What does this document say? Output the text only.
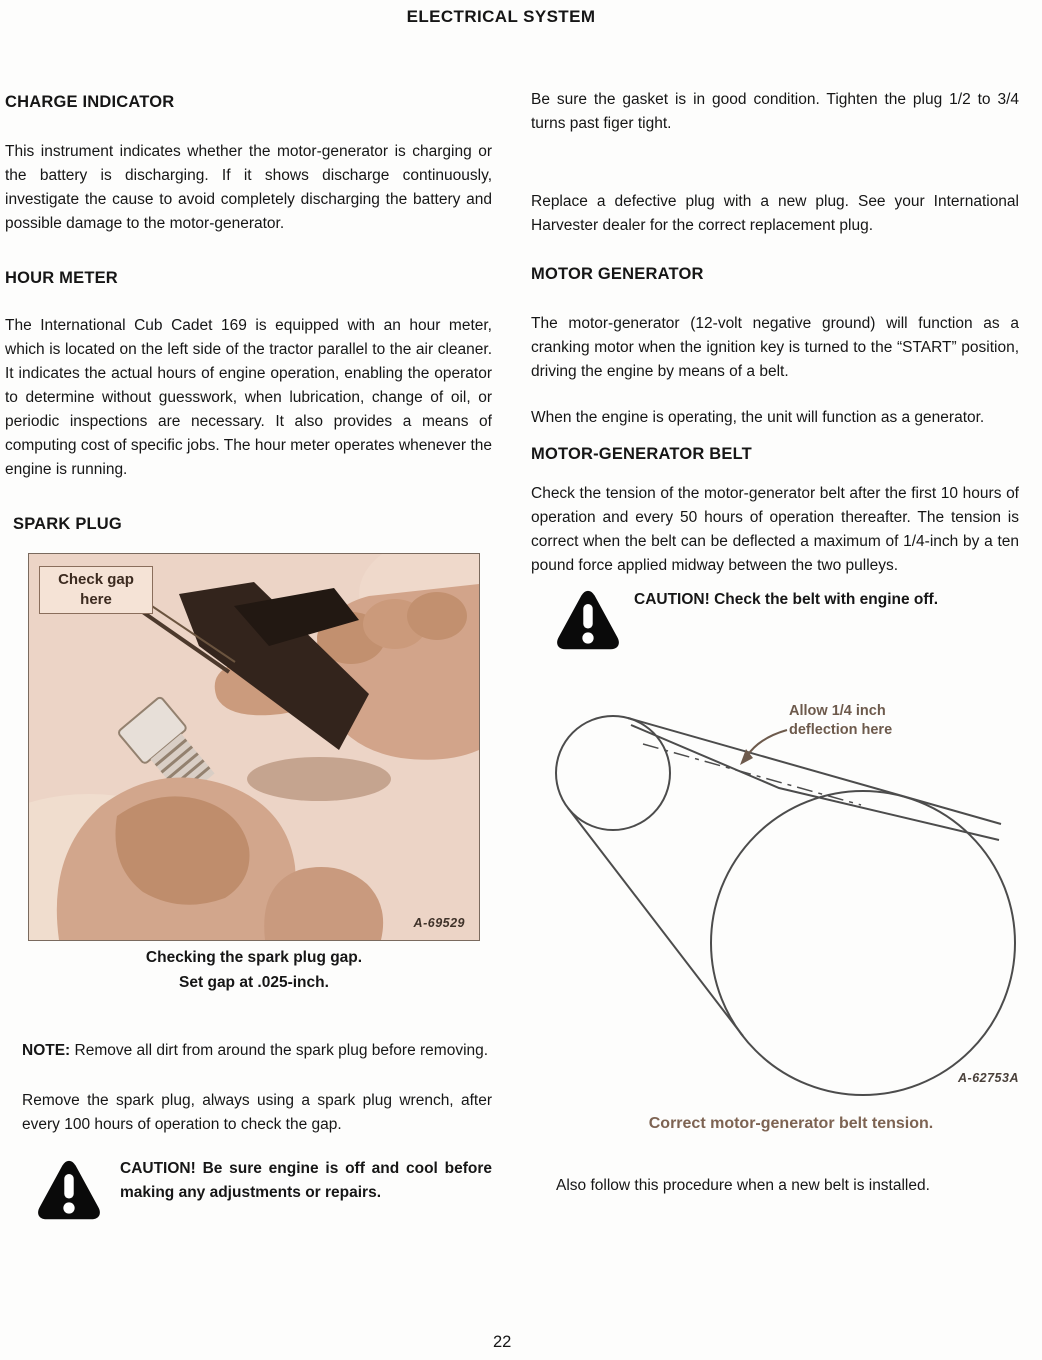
ELECTRICAL SYSTEM
CHARGE INDICATOR

This instrument indicates whether the motor-generator is charging or the battery is discharging. If it shows discharge continuously, investigate the cause to avoid completely discharging the battery and possible damage to the motor-generator.

HOUR METER

The International Cub Cadet 169 is equipped with an hour meter, which is located on the left side of the tractor parallel to the air cleaner. It indicates the actual hours of engine operation, enabling the operator to determine without guesswork, when lubrication, change of oil, or periodic inspections are necessary. It also provides a means of computing cost of specific jobs. The hour meter operates whenever the engine is running.

SPARK PLUG
Check gap here
A-69529
Checking the spark plug gap.
Set gap at .025-inch.

NOTE: Remove all dirt from around the spark plug before removing.

Remove the spark plug, always using a spark plug wrench, after every 100 hours of operation to check the gap.

CAUTION! Be sure engine is off and cool before making any adjustments or repairs.

Be sure the gasket is in good condition. Tighten the plug 1/2 to 3/4 turns past figer tight.

Replace a defective plug with a new plug. See your International Harvester dealer for the correct replacement plug.

MOTOR GENERATOR

The motor-generator (12-volt negative ground) will function as a cranking motor when the ignition key is turned to the “START” position, driving the engine by means of a belt.

When the engine is operating, the unit will function as a generator.

MOTOR-GENERATOR BELT

Check the tension of the motor-generator belt after the first 10 hours of operation and every 50 hours of operation thereafter. The tension is correct when the belt can be deflected a maximum of 1/4-inch by a ten pound force applied midway between the two pulleys.

CAUTION! Check the belt with engine off.

Allow 1/4 inch
deflection here
A-62753A
Correct motor-generator belt tension.

Also follow this procedure when a new belt is installed.

22
